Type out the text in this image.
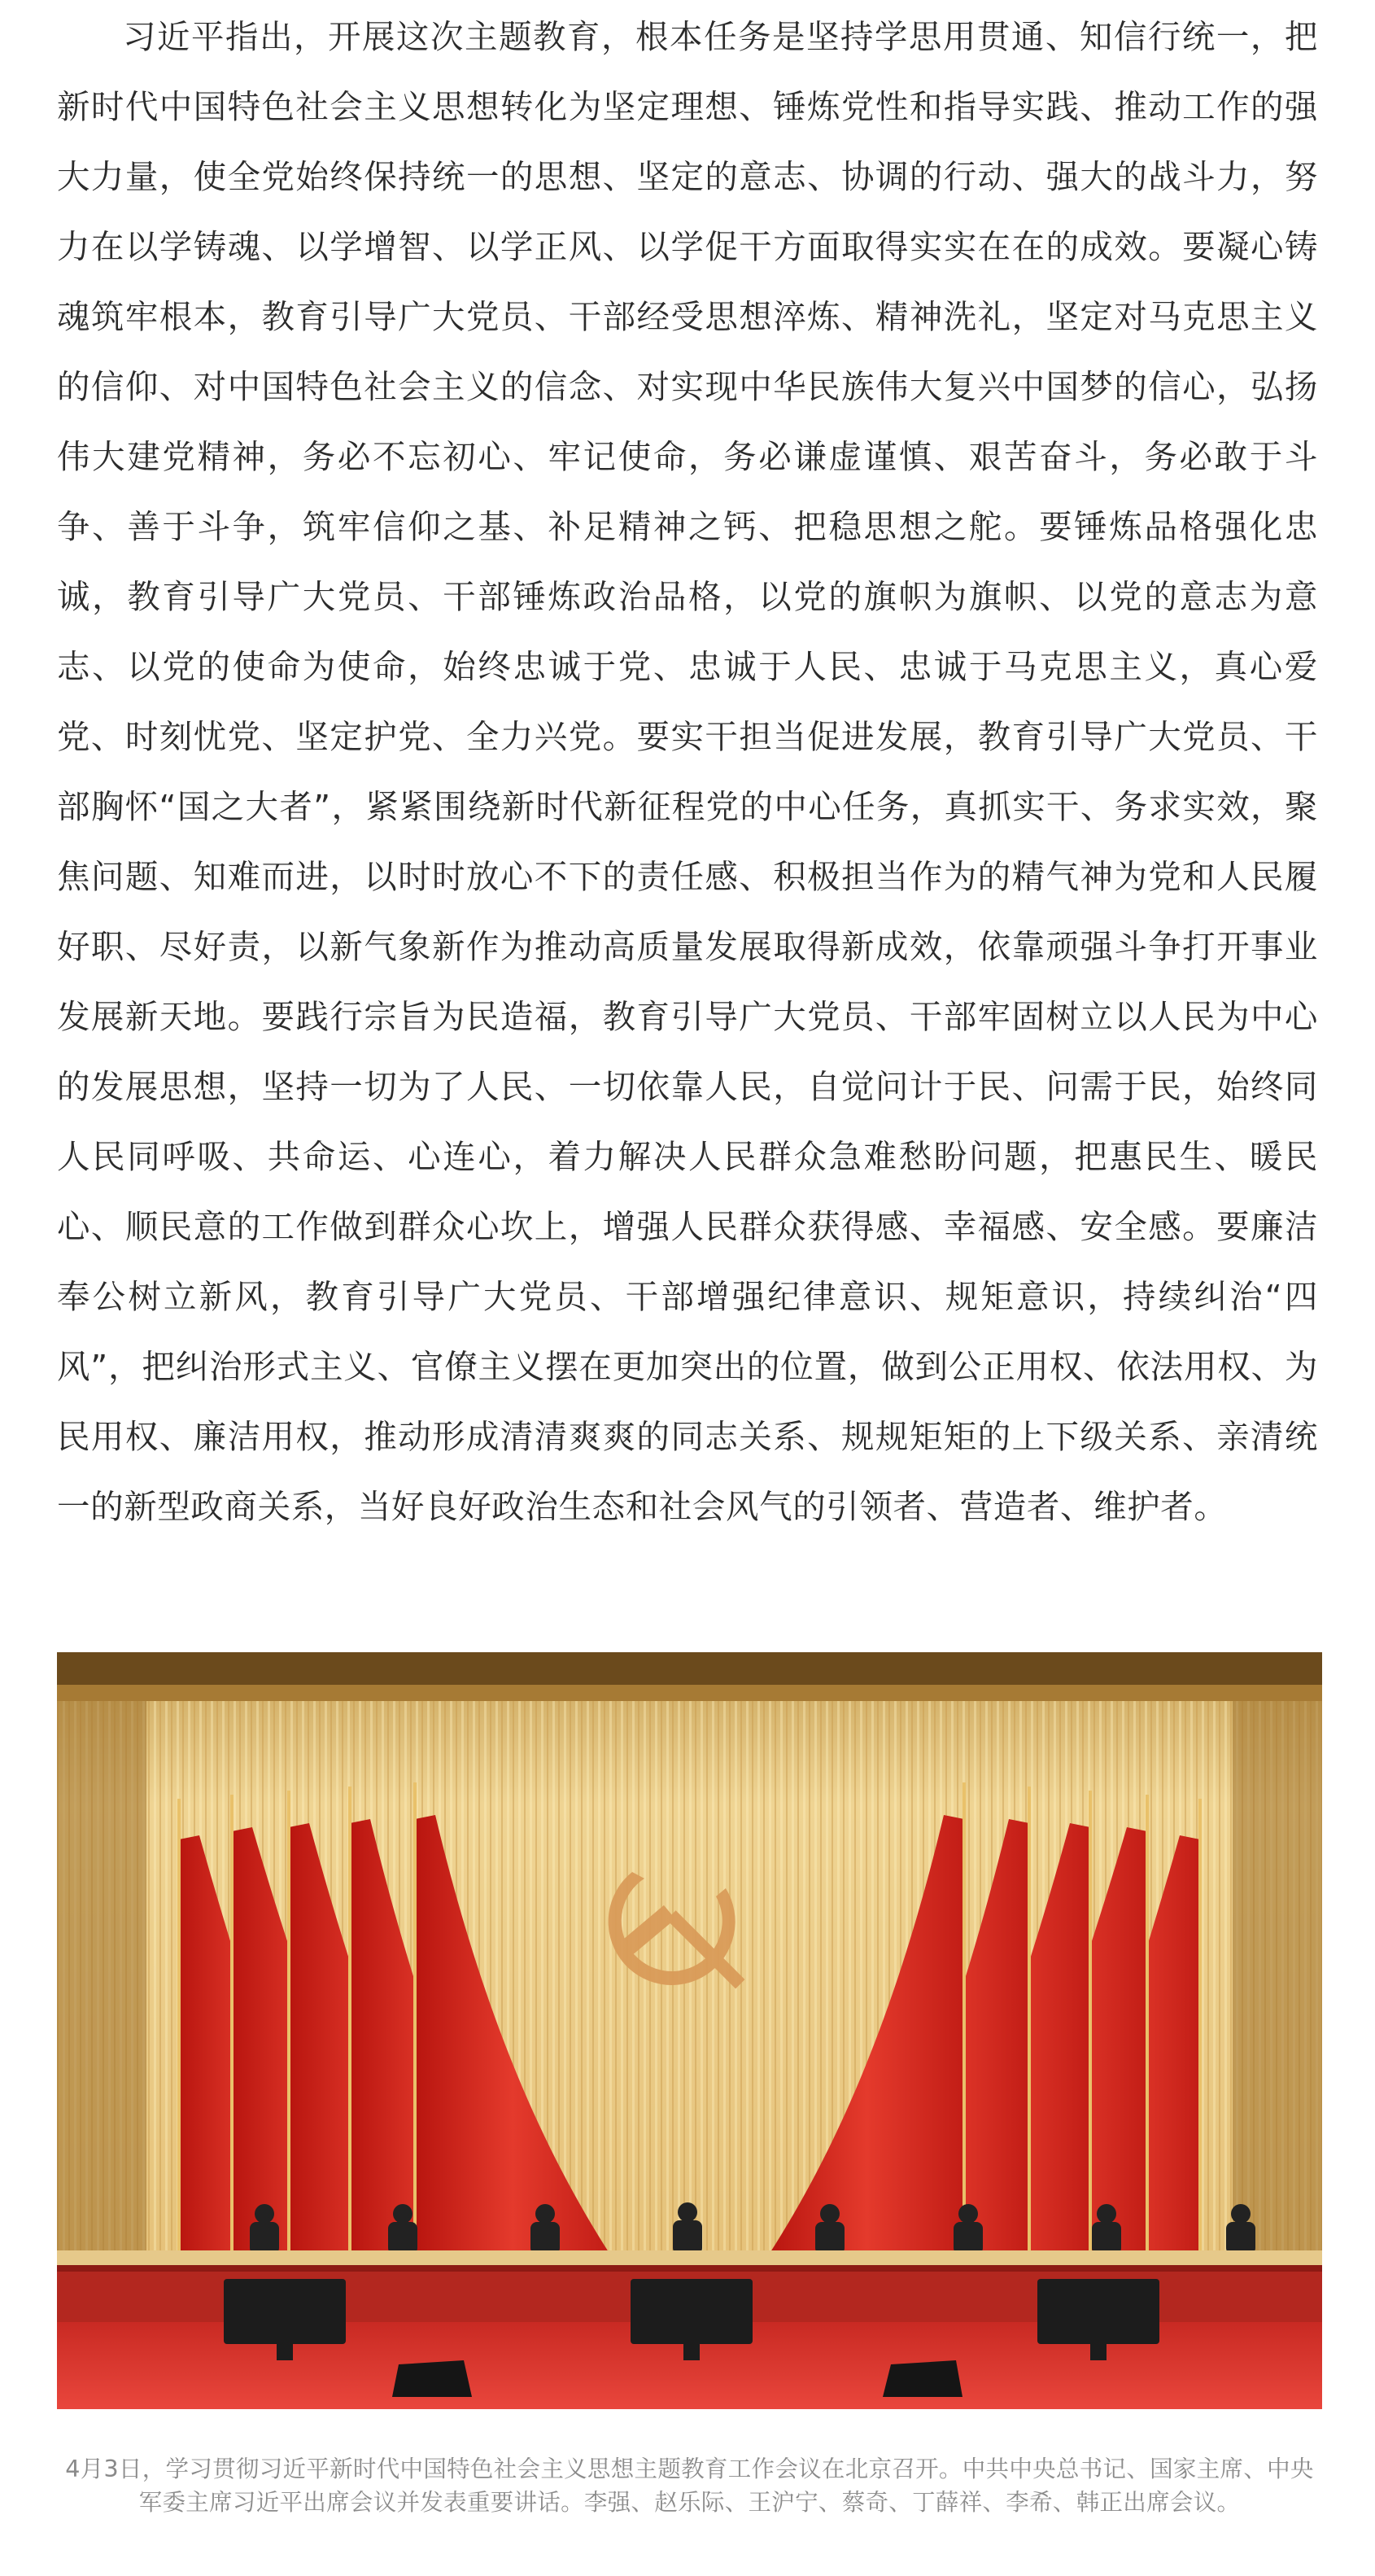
习近平指出，开展这次主题教育，根本任务是坚持学思用贯通、知信行统一，把新时代中国特色社会主义思想转化为坚定理想、锤炼党性和指导实践、推动工作的强大力量，使全党始终保持统一的思想、坚定的意志、协调的行动、强大的战斗力，努力在以学铸魂、以学增智、以学正风、以学促干方面取得实实在在的成效。要凝心铸魂筑牢根本，教育引导广大党员、干部经受思想淬炼、精神洗礼，坚定对马克思主义的信仰、对中国特色社会主义的信念、对实现中华民族伟大复兴中国梦的信心，弘扬伟大建党精神，务必不忘初心、牢记使命，务必谦虚谨慎、艰苦奋斗，务必敢于斗争、善于斗争，筑牢信仰之基、补足精神之钙、把稳思想之舵。要锤炼品格强化忠诚，教育引导广大党员、干部锤炼政治品格，以党的旗帜为旗帜、以党的意志为意志、以党的使命为使命，始终忠诚于党、忠诚于人民、忠诚于马克思主义，真心爱党、时刻忧党、坚定护党、全力兴党。要实干担当促进发展，教育引导广大党员、干部胸怀“国之大者”，紧紧围绕新时代新征程党的中心任务，真抓实干、务求实效，聚焦问题、知难而进，以时时放心不下的责任感、积极担当作为的精气神为党和人民履好职、尽好责，以新气象新作为推动高质量发展取得新成效，依靠顽强斗争打开事业发展新天地。要践行宗旨为民造福，教育引导广大党员、干部牢固树立以人民为中心的发展思想，坚持一切为了人民、一切依靠人民，自觉问计于民、问需于民，始终同人民同呼吸、共命运、心连心，着力解决人民群众急难愁盼问题，把惠民生、暖民心、顺民意的工作做到群众心坎上，增强人民群众获得感、幸福感、安全感。要廉洁奉公树立新风，教育引导广大党员、干部增强纪律意识、规矩意识，持续纠治“四风”，把纠治形式主义、官僚主义摆在更加突出的位置，做到公正用权、依法用权、为民用权、廉洁用权，推动形成清清爽爽的同志关系、规规矩矩的上下级关系、亲清统一的新型政商关系，当好良好政治生态和社会风气的引领者、营造者、维护者。

4月3日，学习贯彻习近平新时代中国特色社会主义思想主题教育工作会议在北京召开。中共中央总书记、国家主席、中央军委主席习近平出席会议并发表重要讲话。李强、赵乐际、王沪宁、蔡奇、丁薛祥、李希、韩正出席会议。
